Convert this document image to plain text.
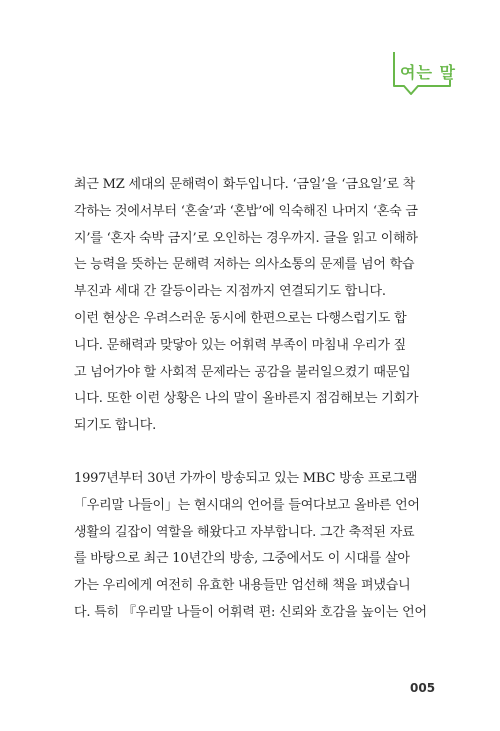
여는 말

최근 MZ 세대의 문해력이 화두입니다. ‘금일’을 ‘금요일’로 착
각하는 것에서부터 ‘혼술’과 ‘혼밥’에 익숙해진 나머지 ‘혼숙 금
지’를 ‘혼자 숙박 금지’로 오인하는 경우까지. 글을 읽고 이해하
는 능력을 뜻하는 문해력 저하는 의사소통의 문제를 넘어 학습
부진과 세대 간 갈등이라는 지점까지 연결되기도 합니다.

이런 현상은 우려스러운 동시에 한편으로는 다행스럽기도 합
니다. 문해력과 맞닿아 있는 어휘력 부족이 마침내 우리가 짚
고 넘어가야 할 사회적 문제라는 공감을 불러일으켰기 때문입
니다. 또한 이런 상황은 나의 말이 올바른지 점검해보는 기회가
되기도 합니다.

1997년부터 30년 가까이 방송되고 있는 MBC 방송 프로그램
「우리말 나들이」는 현시대의 언어를 들여다보고 올바른 언어
생활의 길잡이 역할을 해왔다고 자부합니다. 그간 축적된 자료
를 바탕으로 최근 10년간의 방송, 그중에서도 이 시대를 살아
가는 우리에게 여전히 유효한 내용들만 엄선해 책을 펴냈습니
다. 특히 『우리말 나들이 어휘력 편: 신뢰와 호감을 높이는 언어

005
